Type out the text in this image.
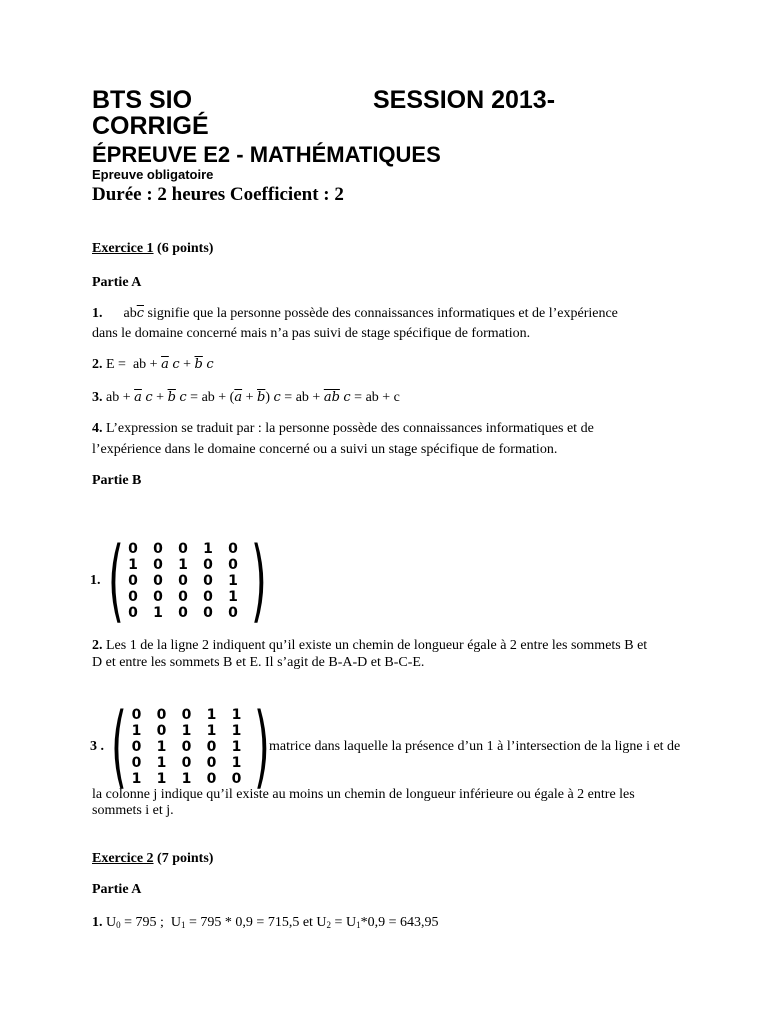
BTS SIO	SESSION 2013-
CORRIGÉ
ÉPREUVE E2 - MATHÉMATIQUES
Epreuve obligatoire
Durée : 2 heures Coefficient : 2
Exercice 1 (6 points)
Partie A
1.      $ab\overline{c}$ signifie que la personne possède des connaissances informatiques et de l’expérience
dans le domaine concerné mais n’a pas suivi de stage spécifique de formation.
2. E =  ab + $\overline{a}$ $c + \overline{b}$ c
3. ab + $\overline{a}$ $c + \overline{b}$ c = ab + $(\overline{a} + \overline{b}) c$ = ab + $\overline{ab}$ c = ab + c
4. L’expression se traduit par : la personne possède des connaissances informatiques et de
l’expérience dans le domaine concerné ou a suivi un stage spécifique de formation.
Partie B
1. ( 0	0	0	1	0
1	0	1	0	0
0	0	0	0	1
0	0	0	0	1
0	1	0	0	0 )
2. Les 1 de la ligne 2 indiquent qu’il existe un chemin de longueur égale à 2 entre les sommets B et
D et entre les sommets B et E. Il s’agit de B-A-D et B-C-E.
3 . ( 0	0	0	1	1
1	0	1	1	1
0	1	0	0	1
0	1	0	0	1
1	1	1	0	0 ) matrice dans laquelle la présence d’un 1 à l’intersection de la ligne i et de
la colonne j indique qu’il existe au moins un chemin de longueur inférieure ou égale à 2 entre les
sommets i et j.
Exercice 2 (7 points)
Partie A
1. $U_0 = 795$ ;  $U_1 = 795 * 0,9 = 715,5$ et $U_2 = U_1*0,9 = 643,95$
